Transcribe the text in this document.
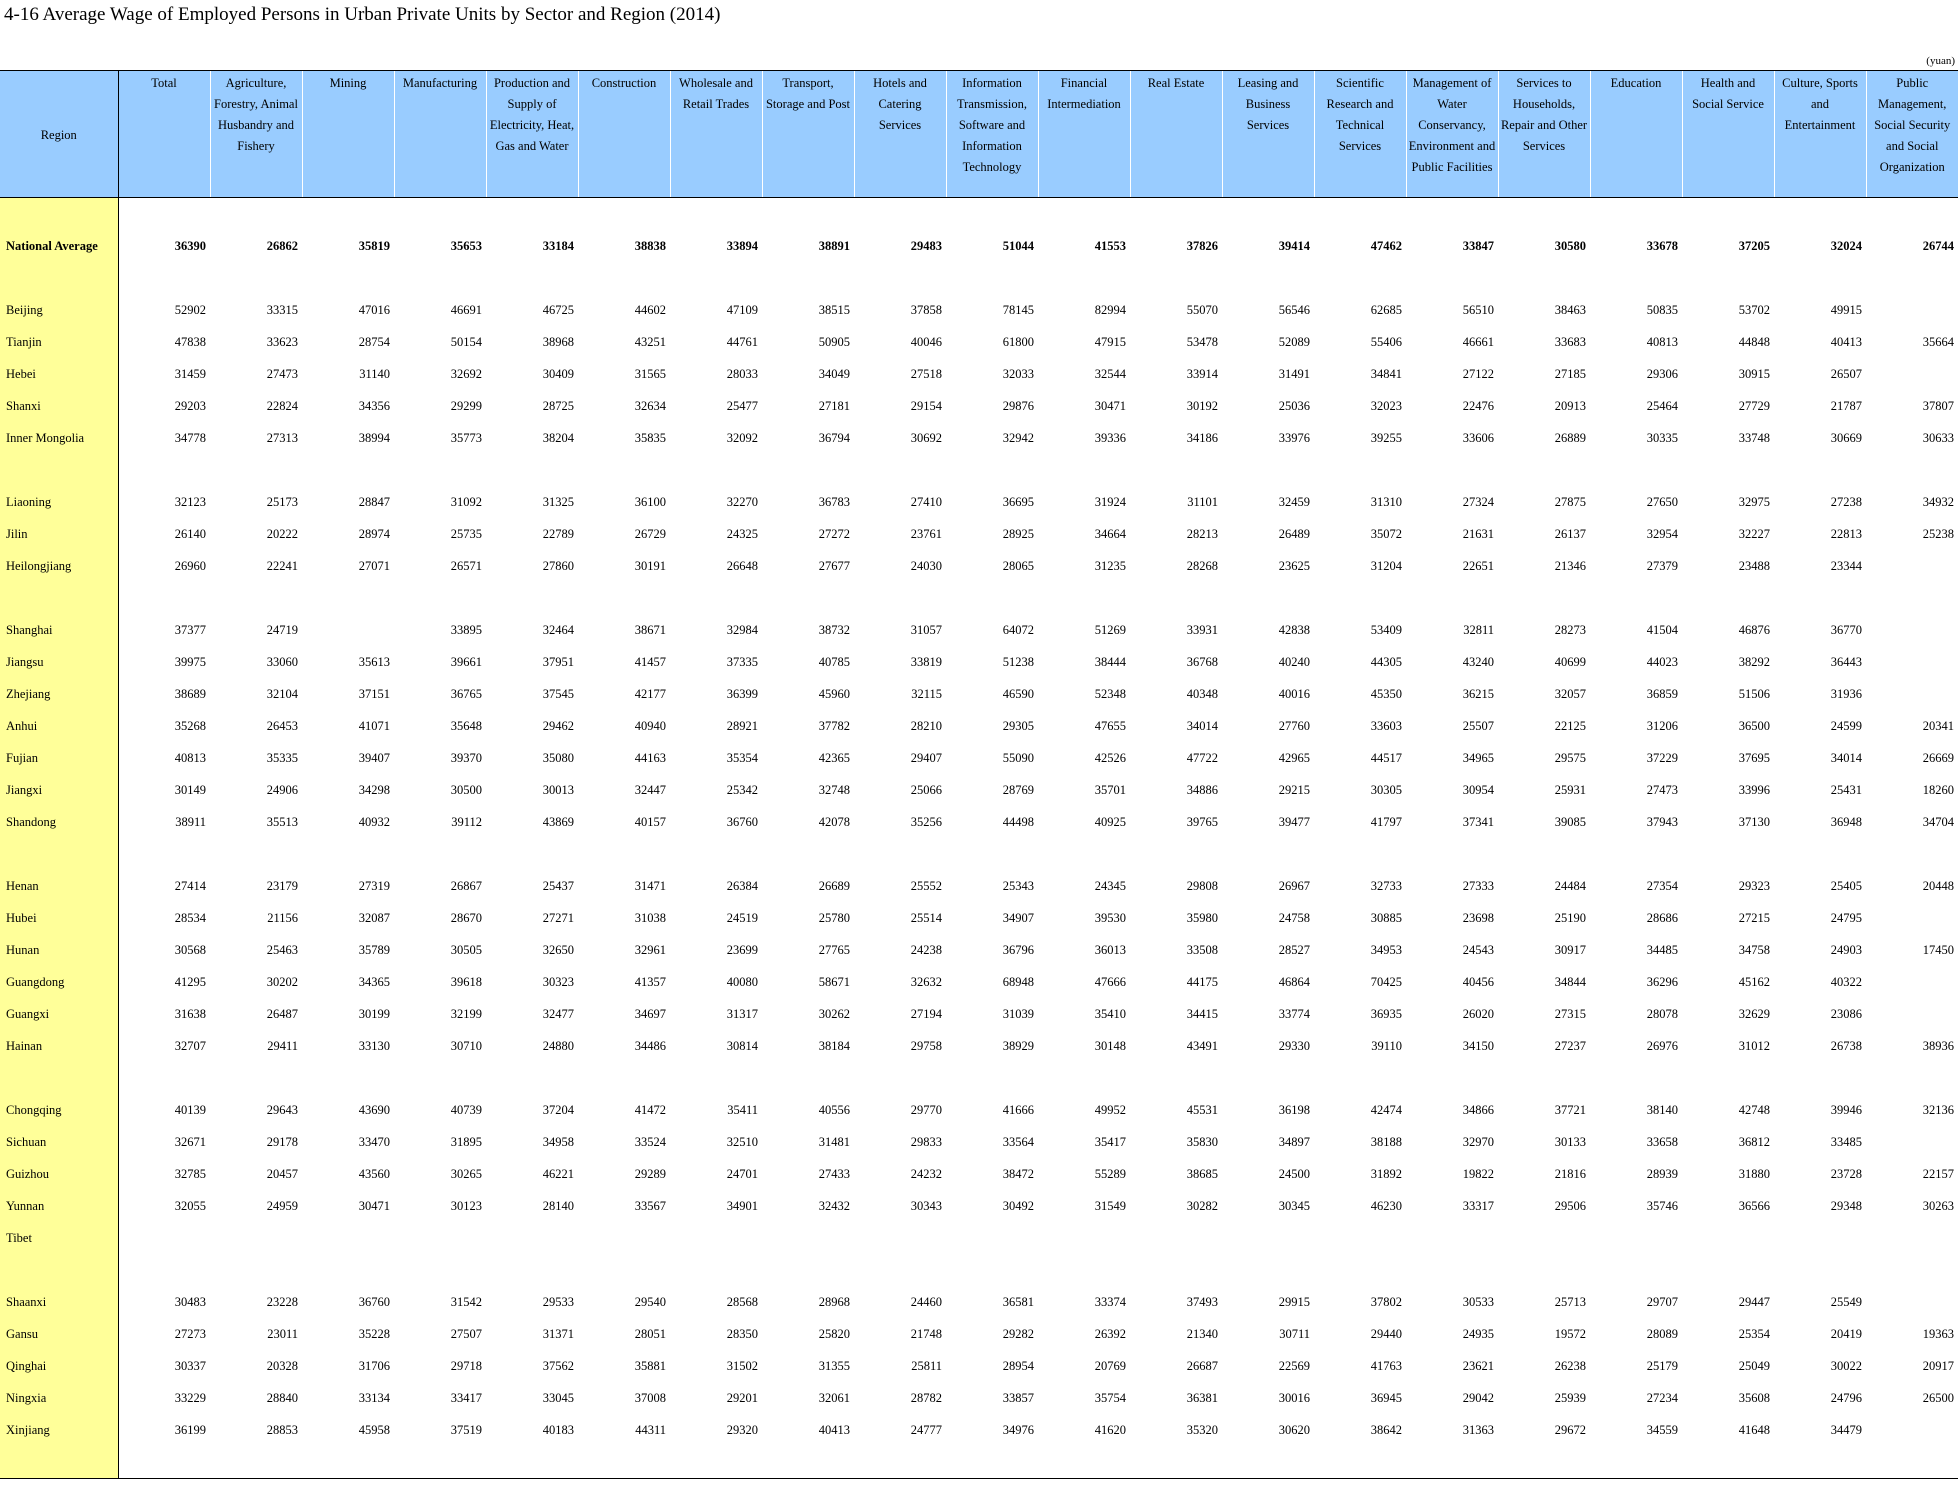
4-16 Average Wage of Employed Persons in Urban Private Units by Sector and Region (2014)
(yuan)
Region	Total	Agriculture, Forestry, Animal Husbandry and Fishery	Mining	Manufacturing	Production and Supply of Electricity, Heat, Gas and Water	Construction	Wholesale and Retail Trades	Transport, Storage and Post	Hotels and Catering Services	Information Transmission, Software and Information Technology	Financial Intermediation	Real Estate	Leasing and Business Services	Scientific Research and Technical Services	Management of Water Conservancy, Environment and Public Facilities	Services to Households, Repair and Other Services	Education	Health and Social Service	Culture, Sports and Entertainment	Public Management, Social Security and Social Organization

National Average	36390	26862	35819	35653	33184	38838	33894	38891	29483	51044	41553	37826	39414	47462	33847	30580	33678	37205	32024	26744

Beijing	52902	33315	47016	46691	46725	44602	47109	38515	37858	78145	82994	55070	56546	62685	56510	38463	50835	53702	49915	
Tianjin	47838	33623	28754	50154	38968	43251	44761	50905	40046	61800	47915	53478	52089	55406	46661	33683	40813	44848	40413	35664
Hebei	31459	27473	31140	32692	30409	31565	28033	34049	27518	32033	32544	33914	31491	34841	27122	27185	29306	30915	26507	
Shanxi	29203	22824	34356	29299	28725	32634	25477	27181	29154	29876	30471	30192	25036	32023	22476	20913	25464	27729	21787	37807
Inner Mongolia	34778	27313	38994	35773	38204	35835	32092	36794	30692	32942	39336	34186	33976	39255	33606	26889	30335	33748	30669	30633

Liaoning	32123	25173	28847	31092	31325	36100	32270	36783	27410	36695	31924	31101	32459	31310	27324	27875	27650	32975	27238	34932
Jilin	26140	20222	28974	25735	22789	26729	24325	27272	23761	28925	34664	28213	26489	35072	21631	26137	32954	32227	22813	25238
Heilongjiang	26960	22241	27071	26571	27860	30191	26648	27677	24030	28065	31235	28268	23625	31204	22651	21346	27379	23488	23344	

Shanghai	37377	24719		33895	32464	38671	32984	38732	31057	64072	51269	33931	42838	53409	32811	28273	41504	46876	36770	
Jiangsu	39975	33060	35613	39661	37951	41457	37335	40785	33819	51238	38444	36768	40240	44305	43240	40699	44023	38292	36443	
Zhejiang	38689	32104	37151	36765	37545	42177	36399	45960	32115	46590	52348	40348	40016	45350	36215	32057	36859	51506	31936	
Anhui	35268	26453	41071	35648	29462	40940	28921	37782	28210	29305	47655	34014	27760	33603	25507	22125	31206	36500	24599	20341
Fujian	40813	35335	39407	39370	35080	44163	35354	42365	29407	55090	42526	47722	42965	44517	34965	29575	37229	37695	34014	26669
Jiangxi	30149	24906	34298	30500	30013	32447	25342	32748	25066	28769	35701	34886	29215	30305	30954	25931	27473	33996	25431	18260
Shandong	38911	35513	40932	39112	43869	40157	36760	42078	35256	44498	40925	39765	39477	41797	37341	39085	37943	37130	36948	34704

Henan	27414	23179	27319	26867	25437	31471	26384	26689	25552	25343	24345	29808	26967	32733	27333	24484	27354	29323	25405	20448
Hubei	28534	21156	32087	28670	27271	31038	24519	25780	25514	34907	39530	35980	24758	30885	23698	25190	28686	27215	24795	
Hunan	30568	25463	35789	30505	32650	32961	23699	27765	24238	36796	36013	33508	28527	34953	24543	30917	34485	34758	24903	17450
Guangdong	41295	30202	34365	39618	30323	41357	40080	58671	32632	68948	47666	44175	46864	70425	40456	34844	36296	45162	40322	
Guangxi	31638	26487	30199	32199	32477	34697	31317	30262	27194	31039	35410	34415	33774	36935	26020	27315	28078	32629	23086	
Hainan	32707	29411	33130	30710	24880	34486	30814	38184	29758	38929	30148	43491	29330	39110	34150	27237	26976	31012	26738	38936

Chongqing	40139	29643	43690	40739	37204	41472	35411	40556	29770	41666	49952	45531	36198	42474	34866	37721	38140	42748	39946	32136
Sichuan	32671	29178	33470	31895	34958	33524	32510	31481	29833	33564	35417	35830	34897	38188	32970	30133	33658	36812	33485	
Guizhou	32785	20457	43560	30265	46221	29289	24701	27433	24232	38472	55289	38685	24500	31892	19822	21816	28939	31880	23728	22157
Yunnan	32055	24959	30471	30123	28140	33567	34901	32432	30343	30492	31549	30282	30345	46230	33317	29506	35746	36566	29348	30263
Tibet																				

Shaanxi	30483	23228	36760	31542	29533	29540	28568	28968	24460	36581	33374	37493	29915	37802	30533	25713	29707	29447	25549	
Gansu	27273	23011	35228	27507	31371	28051	28350	25820	21748	29282	26392	21340	30711	29440	24935	19572	28089	25354	20419	19363
Qinghai	30337	20328	31706	29718	37562	35881	31502	31355	25811	28954	20769	26687	22569	41763	23621	26238	25179	25049	30022	20917
Ningxia	33229	28840	33134	33417	33045	37008	29201	32061	28782	33857	35754	36381	30016	36945	29042	25939	27234	35608	24796	26500
Xinjiang	36199	28853	45958	37519	40183	44311	29320	40413	24777	34976	41620	35320	30620	38642	31363	29672	34559	41648	34479	
